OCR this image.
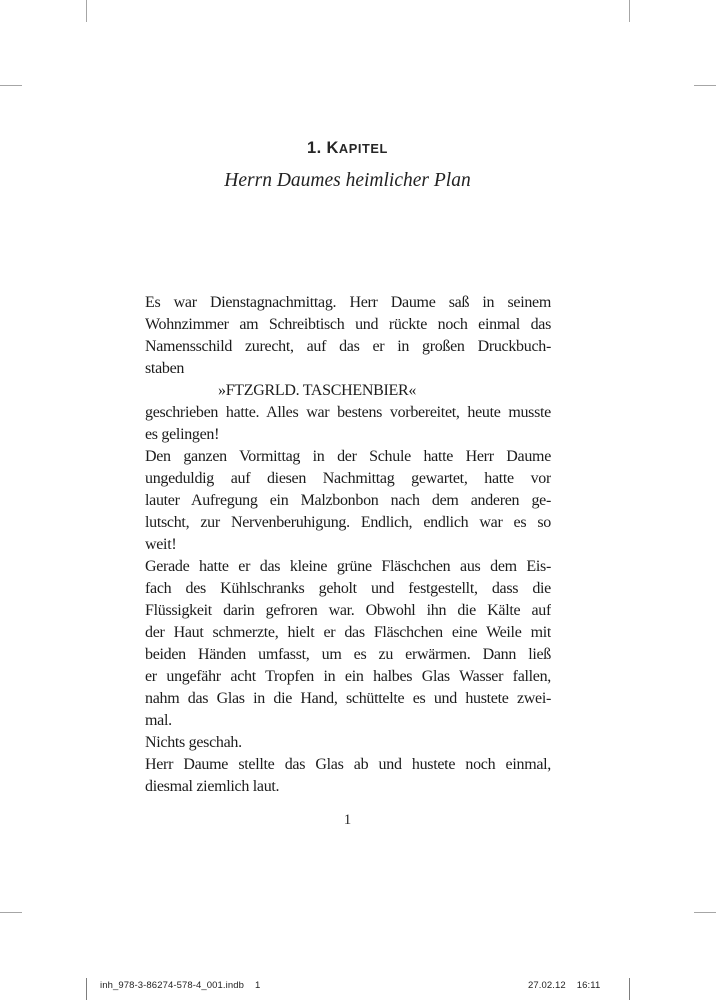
1. KAPITEL
Herrn Daumes heimlicher Plan
Es war Dienstagnachmittag. Herr Daume saß in seinem
Wohnzimmer am Schreibtisch und rückte noch einmal das
Namensschild zurecht, auf das er in großen Druckbuch-
staben
»FTZGRLD. TASCHENBIER«
geschrieben hatte. Alles war bestens vorbereitet, heute musste
es gelingen!
Den ganzen Vormittag in der Schule hatte Herr Daume
ungeduldig auf diesen Nachmittag gewartet, hatte vor
lauter Aufregung ein Malzbonbon nach dem anderen ge-
lutscht, zur Nervenberuhigung. Endlich, endlich war es so
weit!
Gerade hatte er das kleine grüne Fläschchen aus dem Eis-
fach des Kühlschranks geholt und festgestellt, dass die
Flüssigkeit darin gefroren war. Obwohl ihn die Kälte auf
der Haut schmerzte, hielt er das Fläschchen eine Weile mit
beiden Händen umfasst, um es zu erwärmen. Dann ließ
er ungefähr acht Tropfen in ein halbes Glas Wasser fallen,
nahm das Glas in die Hand, schüttelte es und hustete zwei-
mal.
Nichts geschah.
Herr Daume stellte das Glas ab und hustete noch einmal,
diesmal ziemlich laut.
1
inh_978-3-86274-578-4_001.indb 1	27.02.12 16:11
